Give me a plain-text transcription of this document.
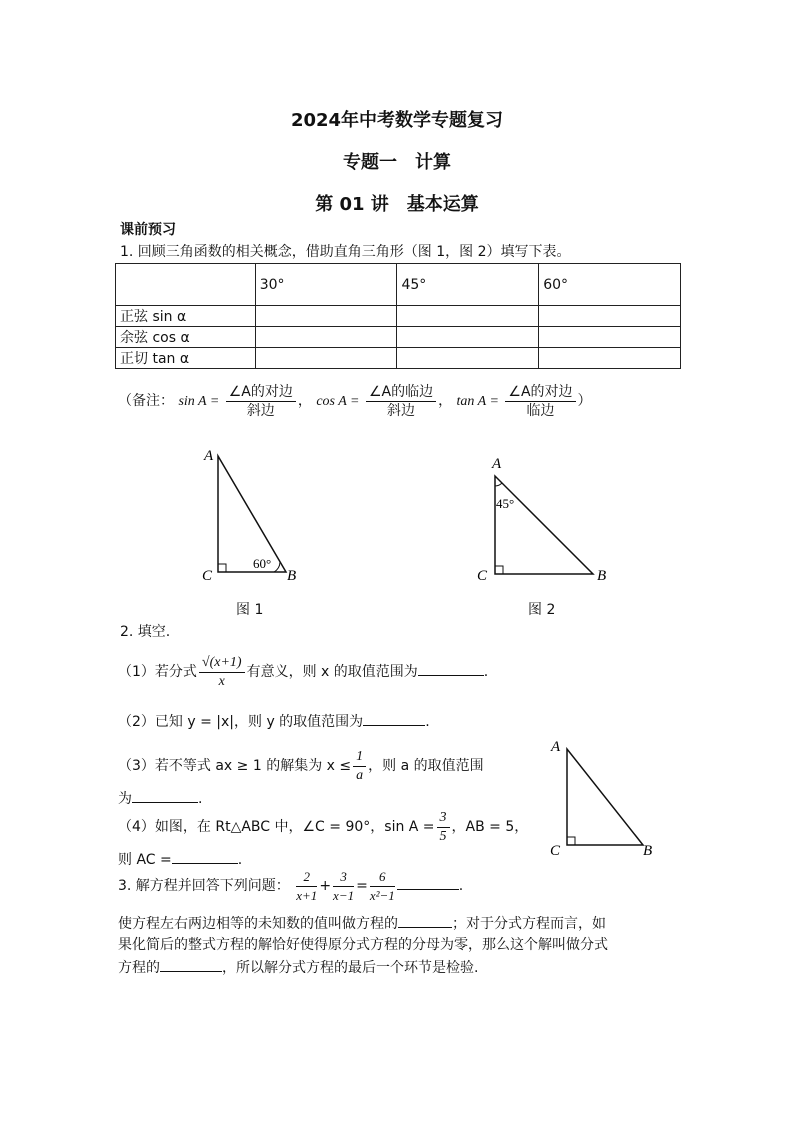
2024年中考数学专题复习
专题一　计算
第 01 讲　基本运算
课前预习
1. 回顾三角函数的相关概念，借助直角三角形（图 1，图 2）填写下表。
	30°	45°	60°
正弦 sin α			
余弦 cos α			
正切 tan α			
（备注： $\sin A = \frac{\text{∠A的对边}}{\text{斜边}}$ ， $\cos A = \frac{\text{∠A的临边}}{\text{斜边}}$ ， $\tan A = \frac{\text{∠A的对边}}{\text{临边}}$ ）
A
C	B
60°
图 1
A
C	B
45°
图 2
2. 填空.
（1）若分式 $\frac{√(x+1)}{x}$ 有意义，则 x 的取值范围为	.
（2）已知 y = |x|，则 y 的取值范围为	.
（3）若不等式 ax ≥ 1 的解集为 $x \le \frac{1}{a}$ ，则 a 的取值范围
为	.
（4）如图，在 Rt△ABC 中，∠C = 90°，$\sin A = \frac{3}{5}$ ，AB = 5，
则 AC =	.
A
C	B
3. 解方程并回答下列问题： $\frac{2}{x+1} + \frac{3}{x-1} = \frac{6}{\text{x²−1}}$	.
使方程左右两边相等的未知数的值叫做方程的	；对于分式方程而言，如
果化简后的整式方程的解恰好使得原分式方程的分母为零，那么这个解叫做分式
方程的	，所以解分式方程的最后一个环节是检验.
